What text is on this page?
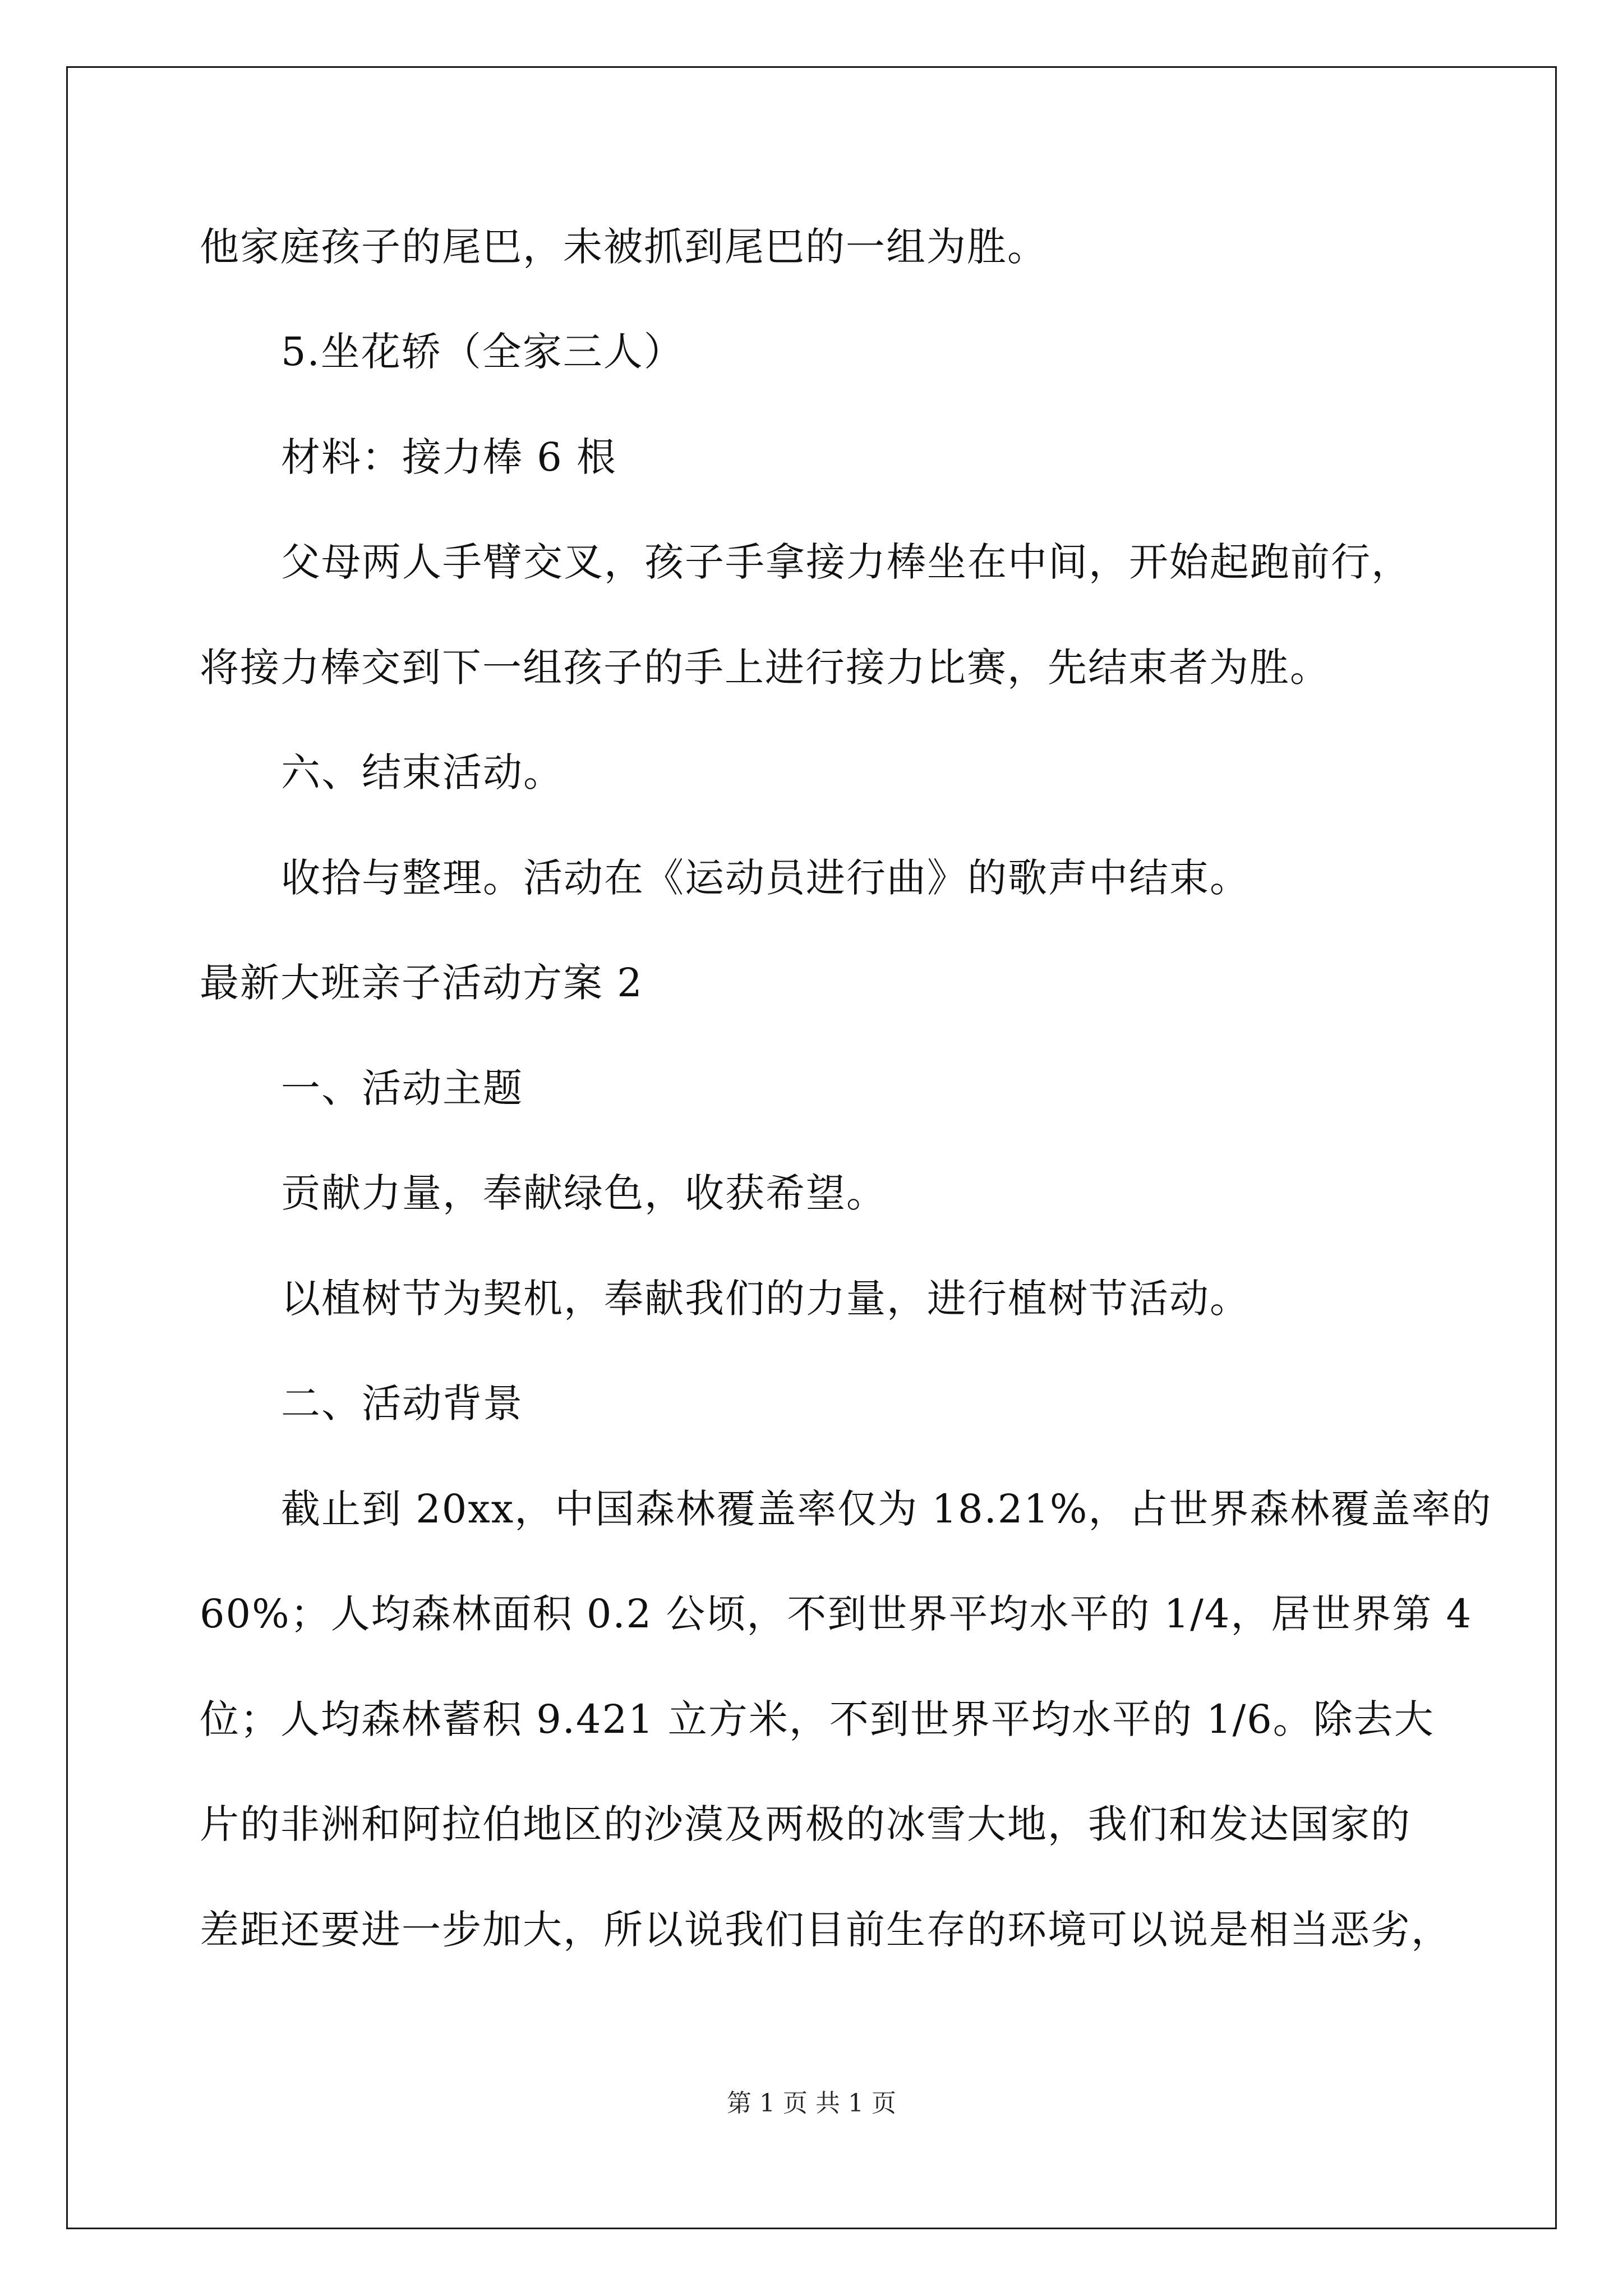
他家庭孩子的尾巴，未被抓到尾巴的一组为胜。
5.坐花轿（全家三人）
材料：接力棒 6 根
父母两人手臂交叉，孩子手拿接力棒坐在中间，开始起跑前行，
将接力棒交到下一组孩子的手上进行接力比赛，先结束者为胜。
六、结束活动。
收拾与整理。活动在《运动员进行曲》的歌声中结束。
最新大班亲子活动方案 2
一、活动主题
贡献力量，奉献绿色，收获希望。
以植树节为契机，奉献我们的力量，进行植树节活动。
二、活动背景
截止到 20xx，中国森林覆盖率仅为 18.21%，占世界森林覆盖率的
60%；人均森林面积 0.2 公顷，不到世界平均水平的 1/4，居世界第 4
位；人均森林蓄积 9.421 立方米，不到世界平均水平的 1/6。除去大
片的非洲和阿拉伯地区的沙漠及两极的冰雪大地，我们和发达国家的
差距还要进一步加大，所以说我们目前生存的环境可以说是相当恶劣，
第 1 页 共 1 页
